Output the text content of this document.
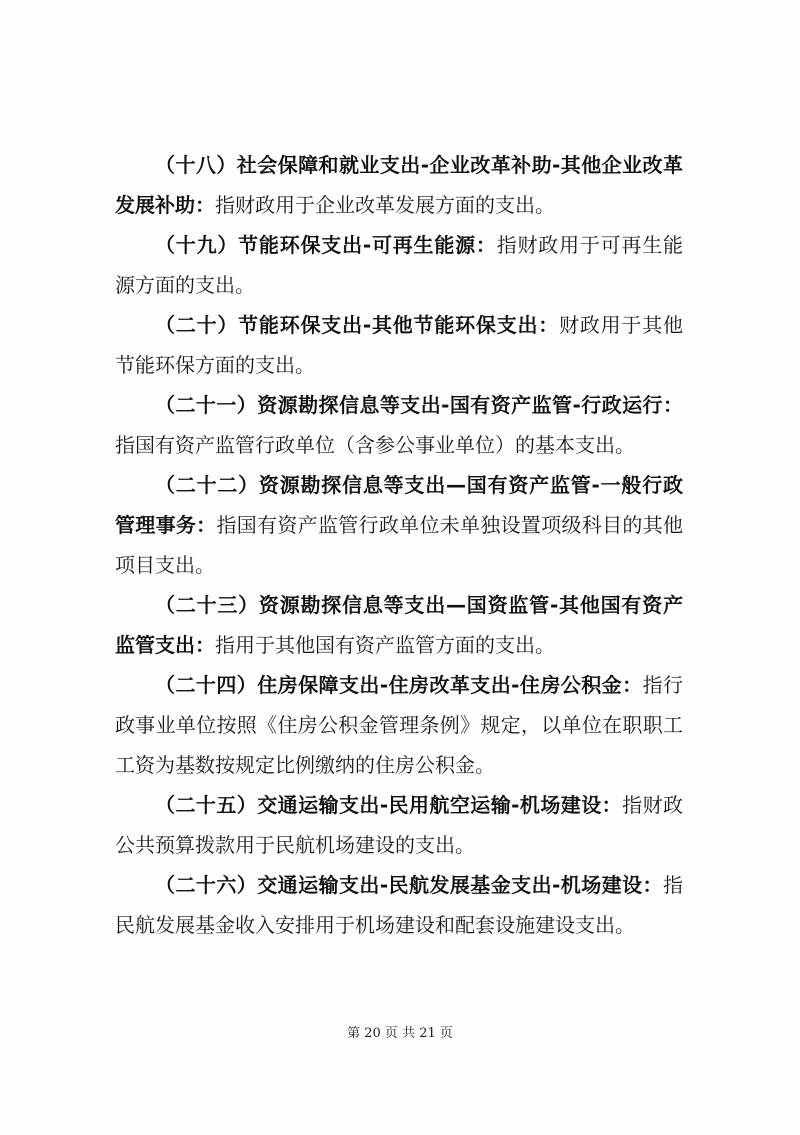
（十八）社会保障和就业支出-企业改革补助-其他企业改革发展补助：指财政用于企业改革发展方面的支出。

（十九）节能环保支出-可再生能源：指财政用于可再生能源方面的支出。

（二十）节能环保支出-其他节能环保支出：财政用于其他节能环保方面的支出。

（二十一）资源勘探信息等支出-国有资产监管-行政运行：指国有资产监管行政单位（含参公事业单位）的基本支出。

（二十二）资源勘探信息等支出—国有资产监管-一般行政管理事务：指国有资产监管行政单位未单独设置项级科目的其他项目支出。

（二十三）资源勘探信息等支出—国资监管-其他国有资产监管支出：指用于其他国有资产监管方面的支出。

（二十四）住房保障支出-住房改革支出-住房公积金：指行政事业单位按照《住房公积金管理条例》规定，以单位在职职工工资为基数按规定比例缴纳的住房公积金。

（二十五）交通运输支出-民用航空运输-机场建设：指财政公共预算拨款用于民航机场建设的支出。

（二十六）交通运输支出-民航发展基金支出-机场建设：指民航发展基金收入安排用于机场建设和配套设施建设支出。

第 20 页 共 21 页
